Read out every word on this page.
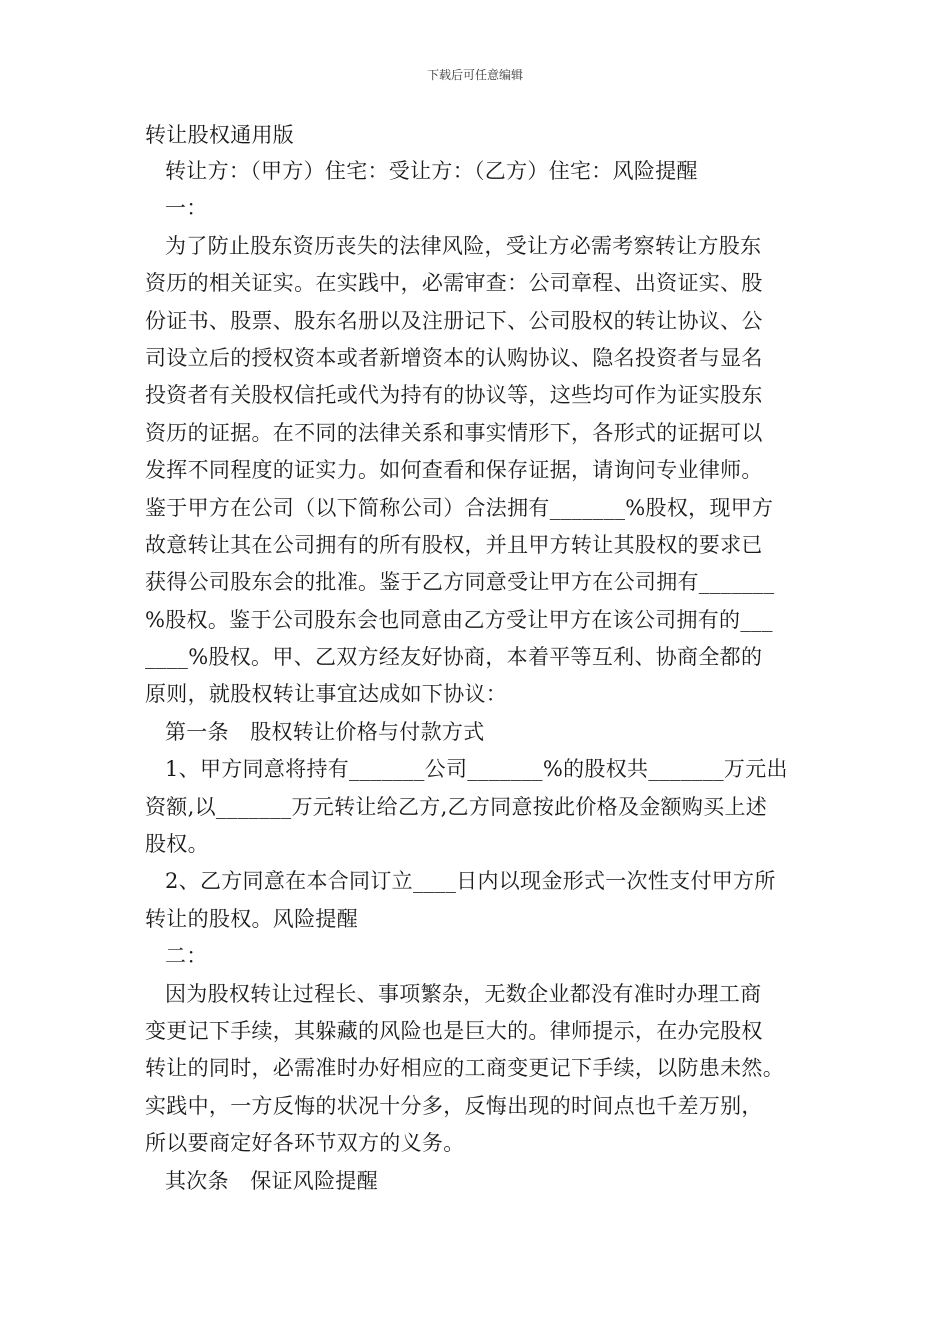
下载后可任意编辑
转让股权通用版
转让方：（甲方）住宅：受让方：（乙方）住宅：风险提醒
一：
为了防止股东资历丧失的法律风险，受让方必需考察转让方股东
资历的相关证实。在实践中，必需审查：公司章程、出资证实、股
份证书、股票、股东名册以及注册记下、公司股权的转让协议、公
司设立后的授权资本或者新增资本的认购协议、隐名投资者与显名
投资者有关股权信托或代为持有的协议等，这些均可作为证实股东
资历的证据。在不同的法律关系和事实情形下，各形式的证据可以
发挥不同程度的证实力。如何查看和保存证据，请询问专业律师。
鉴于甲方在公司（以下简称公司）合法拥有_______%股权，现甲方
故意转让其在公司拥有的所有股权，并且甲方转让其股权的要求已
获得公司股东会的批准。鉴于乙方同意受让甲方在公司拥有_______
%股权。鉴于公司股东会也同意由乙方受让甲方在该公司拥有的___
____%股权。甲、乙双方经友好协商，本着平等互利、协商全都的
原则，就股权转让事宜达成如下协议：
第一条　股权转让价格与付款方式
1、甲方同意将持有_______公司_______%的股权共_______万元出
资额,以_______万元转让给乙方,乙方同意按此价格及金额购买上述
股权。
2、乙方同意在本合同订立____日内以现金形式一次性支付甲方所
转让的股权。风险提醒
二：
因为股权转让过程长、事项繁杂，无数企业都没有准时办理工商
变更记下手续，其躲藏的风险也是巨大的。律师提示，在办完股权
转让的同时，必需准时办好相应的工商变更记下手续，以防患未然。
实践中，一方反悔的状况十分多，反悔出现的时间点也千差万别，
所以要商定好各环节双方的义务。
其次条　保证风险提醒
